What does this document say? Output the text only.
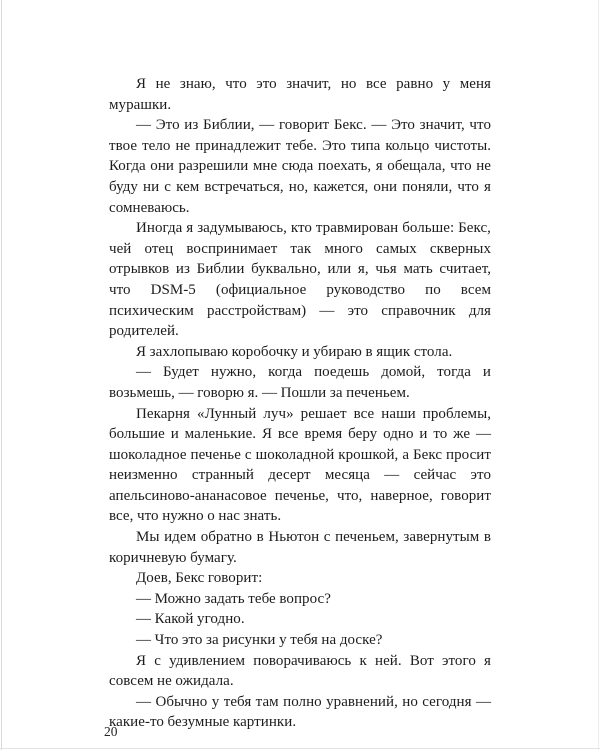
Я не знаю, что это значит, но все равно у меня мурашки.

— Это из Библии, — говорит Бекс. — Это значит, что твое тело не принадлежит тебе. Это типа кольцо чистоты. Когда они разрешили мне сюда поехать, я обещала, что не буду ни с кем встречаться, но, кажется, они поняли, что я сомневаюсь.

Иногда я задумываюсь, кто травмирован больше: Бекс, чей отец воспринимает так много самых скверных отрывков из Библии буквально, или я, чья мать считает, что DSM-5 (официальное руководство по всем психическим расстройствам) — это справочник для родителей.

Я захлопываю коробочку и убираю в ящик стола.

— Будет нужно, когда поедешь домой, тогда и возьмешь, — говорю я. — Пошли за печеньем.

Пекарня «Лунный луч» решает все наши проблемы, большие и маленькие. Я все время беру одно и то же — шоколадное печенье с шоколадной крошкой, а Бекс просит неизменно странный десерт месяца — сейчас это апельсиново-ананасовое печенье, что, наверное, говорит все, что нужно о нас знать.

Мы идем обратно в Ньютон с печеньем, завернутым в коричневую бумагу.

Доев, Бекс говорит:

— Можно задать тебе вопрос?

— Какой угодно.

— Что это за рисунки у тебя на доске?

Я с удивлением поворачиваюсь к ней. Вот этого я совсем не ожидала.

— Обычно у тебя там полно уравнений, но сегодня — какие-то безумные картинки.

20
